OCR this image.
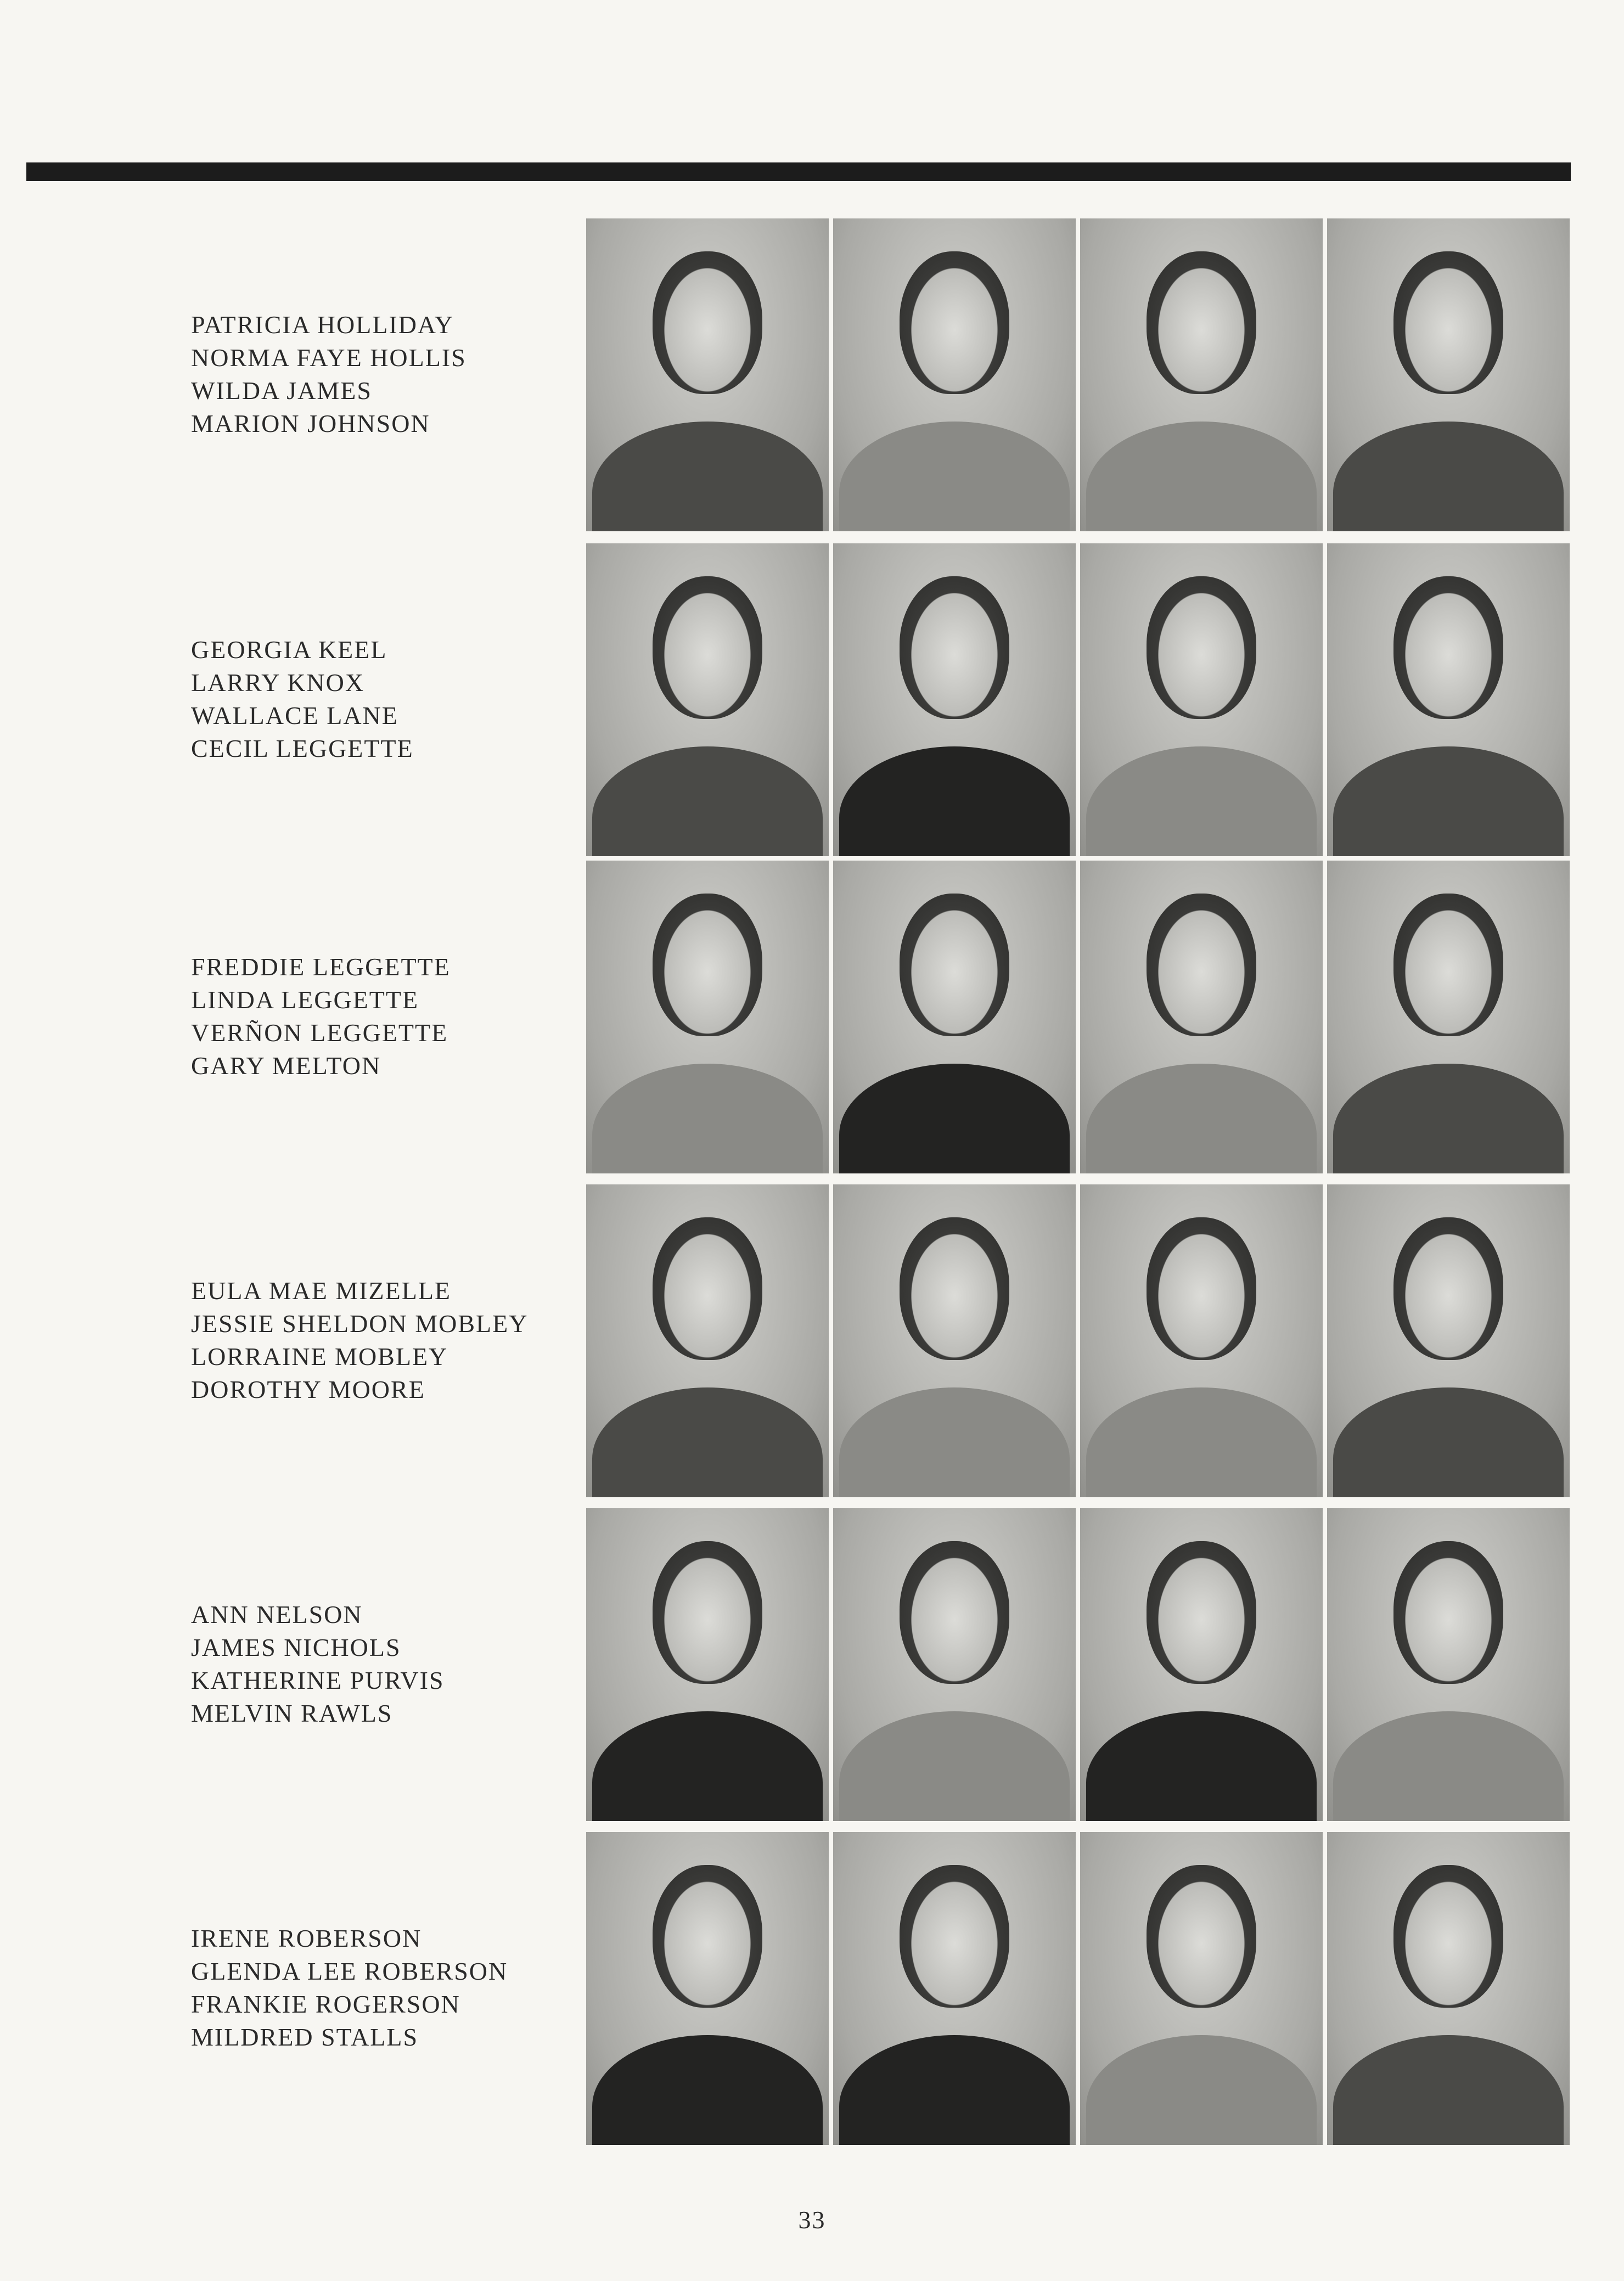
PATRICIA HOLLIDAY
NORMA FAYE HOLLIS
WILDA JAMES
MARION JOHNSON
GEORGIA KEEL
LARRY KNOX
WALLACE LANE
CECIL LEGGETTE
FREDDIE LEGGETTE
LINDA LEGGETTE
VERÑON LEGGETTE
GARY MELTON
EULA MAE MIZELLE
JESSIE SHELDON MOBLEY
LORRAINE MOBLEY
DOROTHY MOORE
ANN NELSON
JAMES NICHOLS
KATHERINE PURVIS
MELVIN RAWLS
IRENE ROBERSON
GLENDA LEE ROBERSON
FRANKIE ROGERSON
MILDRED STALLS
33
